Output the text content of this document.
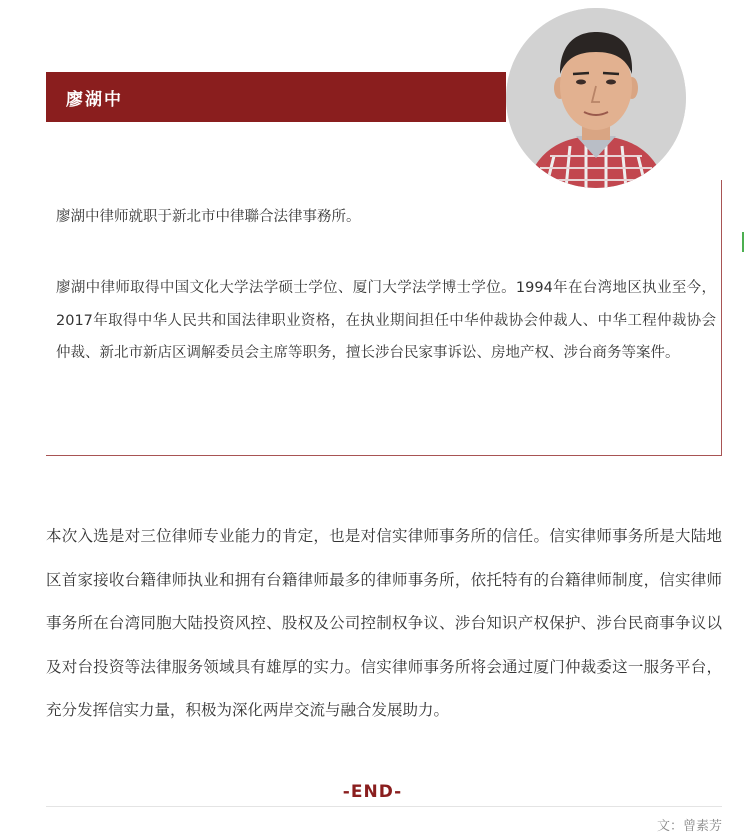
廖湖中

廖湖中律师就职于新北市中律聯合法律事務所。

廖湖中律师取得中国文化大学法学硕士学位、厦门大学法学博士学位。1994年在台湾地区执业至今，2017年取得中华人民共和国法律职业资格，在执业期间担任中华仲裁协会仲裁人、中华工程仲裁协会仲裁、新北市新店区调解委员会主席等职务，擅长涉台民家事诉讼、房地产权、涉台商务等案件。

本次入选是对三位律师专业能力的肯定，也是对信实律师事务所的信任。信实律师事务所是大陆地区首家接收台籍律师执业和拥有台籍律师最多的律师事务所，依托特有的台籍律师制度，信实律师事务所在台湾同胞大陆投资风控、股权及公司控制权争议、涉台知识产权保护、涉台民商事争议以及对台投资等法律服务领域具有雄厚的实力。信实律师事务所将会通过厦门仲裁委这一服务平台，充分发挥信实力量，积极为深化两岸交流与融合发展助力。

-END-
文：曾素芳
